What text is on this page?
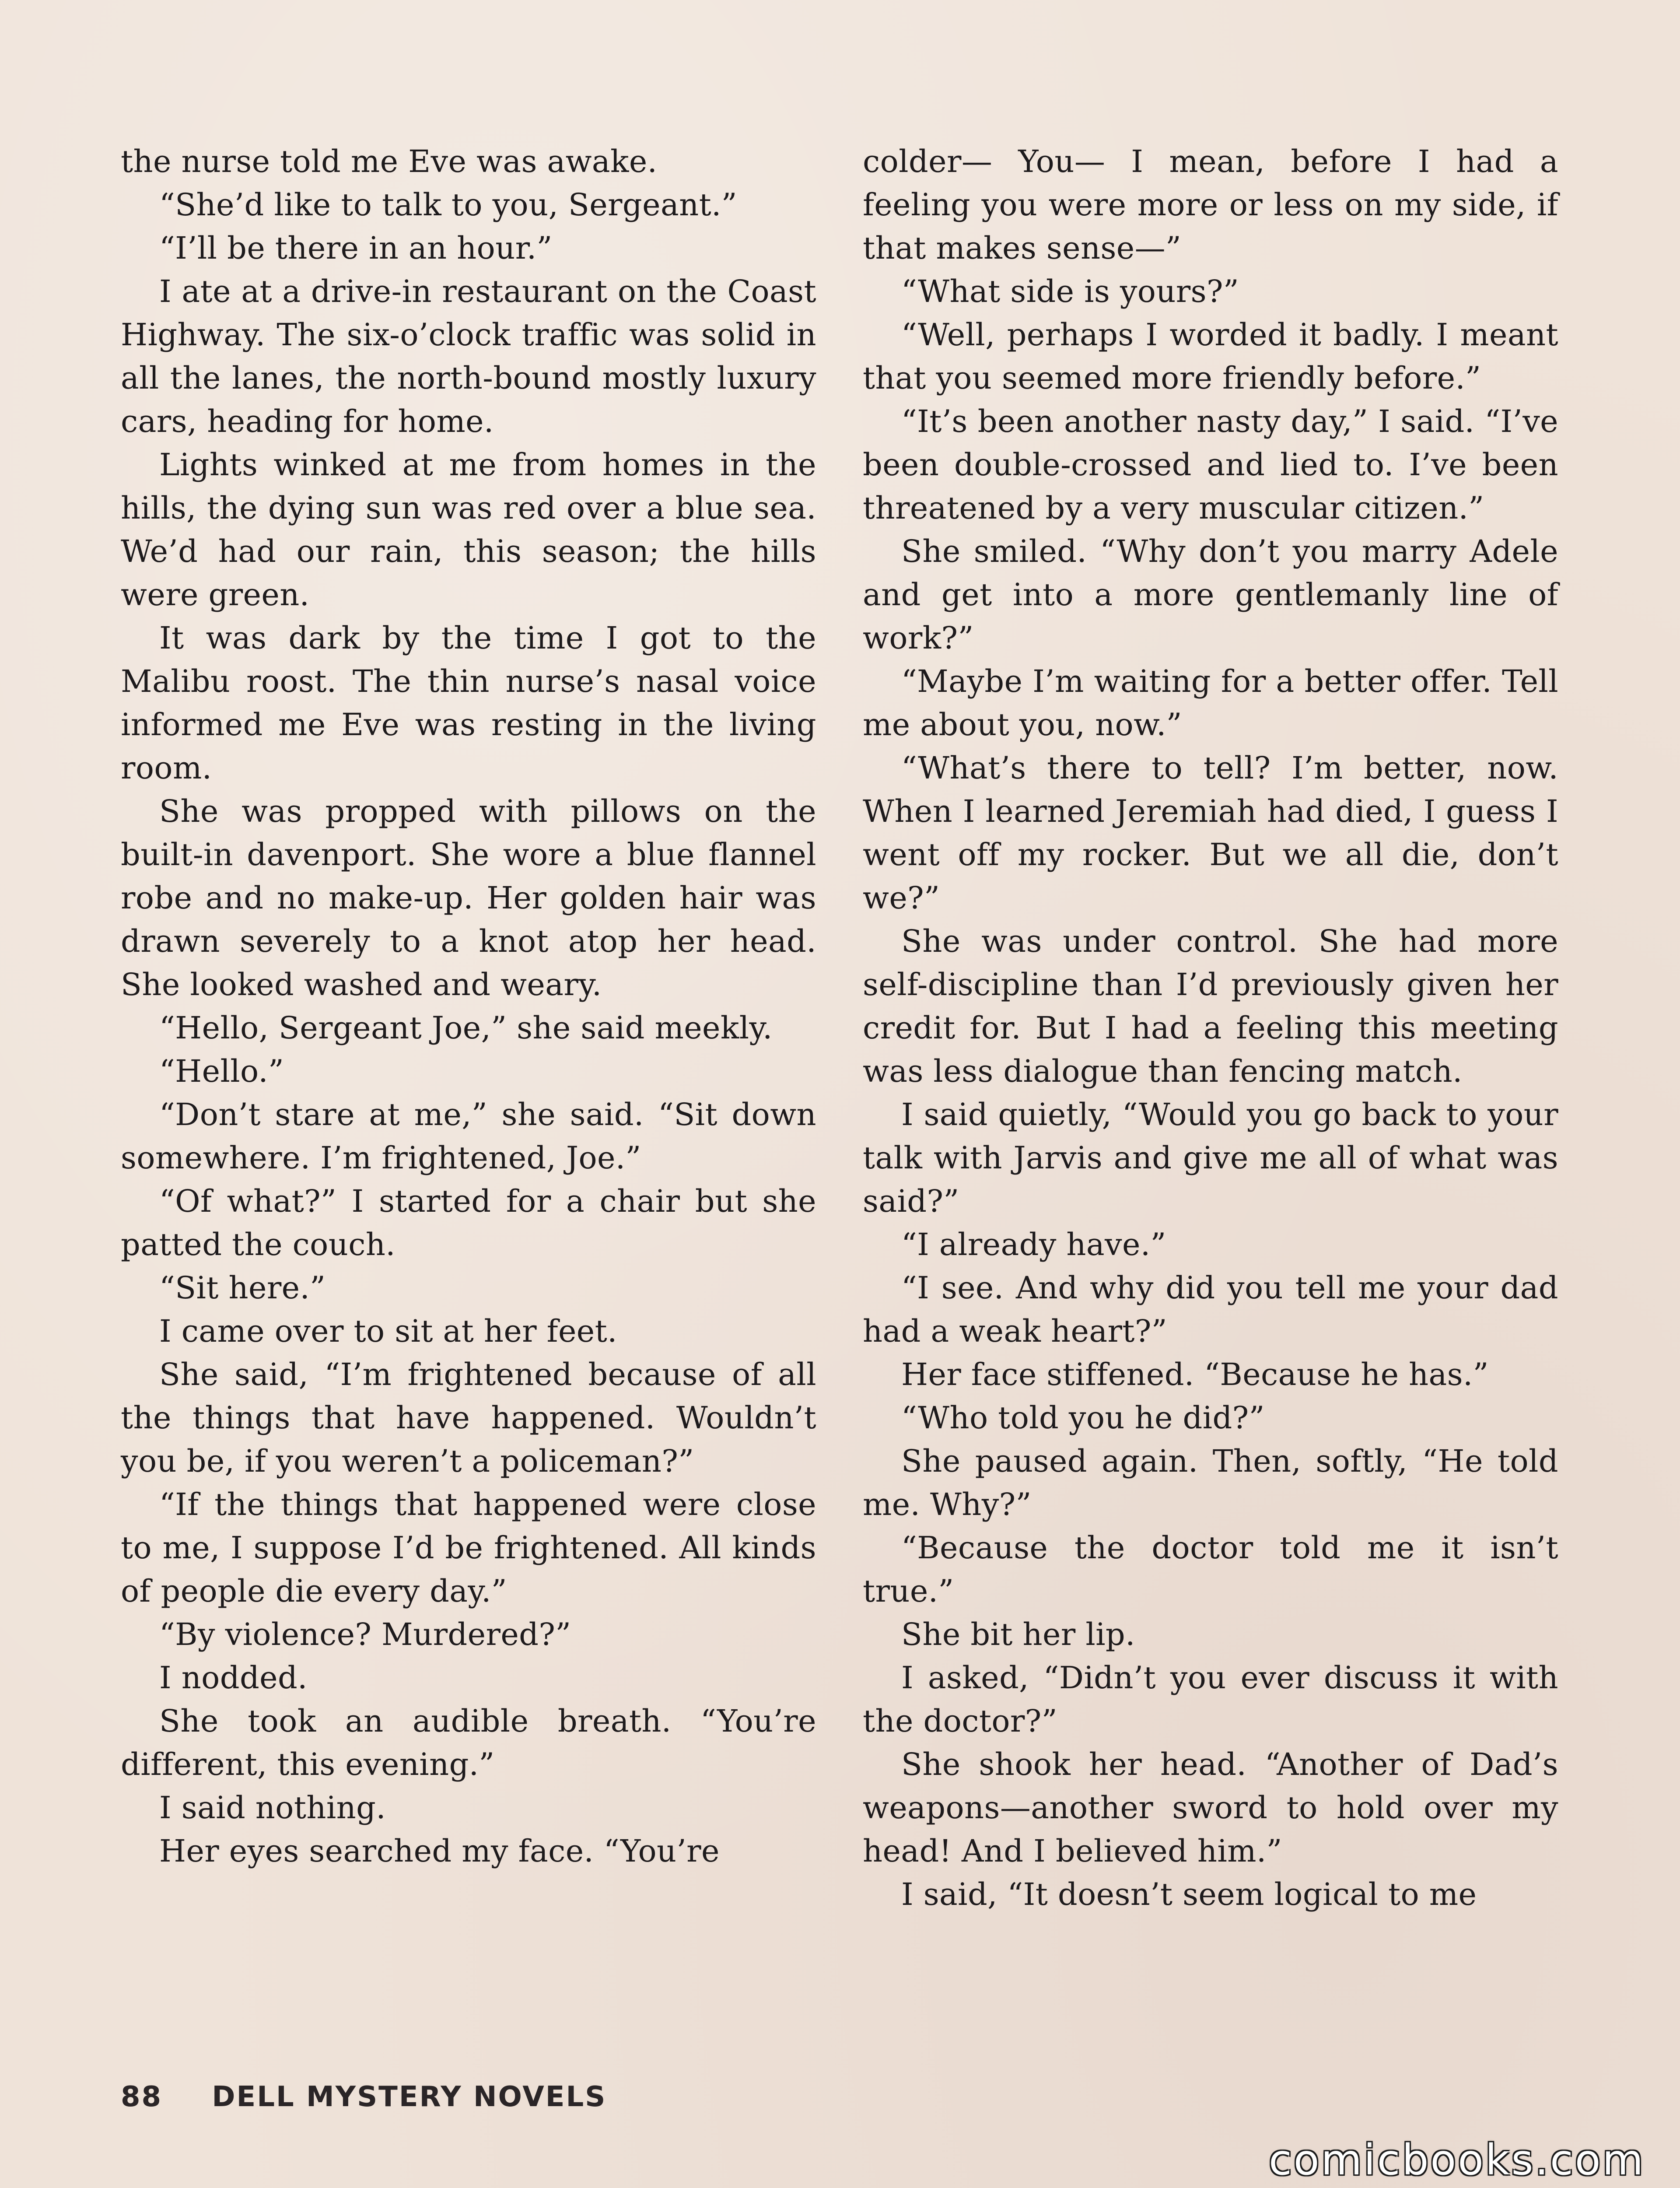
the nurse told me Eve was awake.

“She’d like to talk to you, Sergeant.”

“I’ll be there in an hour.”

I ate at a drive-in restaurant on the Coast Highway. The six-o’clock traffic was solid in all the lanes, the north-bound mostly luxury cars, heading for home.

Lights winked at me from homes in the hills, the dying sun was red over a blue sea. We’d had our rain, this season; the hills were green.

It was dark by the time I got to the Malibu roost. The thin nurse’s nasal voice informed me Eve was resting in the living room.

She was propped with pillows on the built-in davenport. She wore a blue flannel robe and no make-up. Her golden hair was drawn severely to a knot atop her head. She looked washed and weary.

“Hello, Sergeant Joe,” she said meekly.

“Hello.”

“Don’t stare at me,” she said. “Sit down somewhere. I’m frightened, Joe.”

“Of what?” I started for a chair but she patted the couch.

“Sit here.”

I came over to sit at her feet.

She said, “I’m frightened because of all the things that have happened. Wouldn’t you be, if you weren’t a policeman?”

“If the things that happened were close to me, I suppose I’d be frightened. All kinds of people die every day.”

“By violence? Murdered?”

I nodded.

She took an audible breath. “You’re different, this evening.”

I said nothing.

Her eyes searched my face. “You’re

colder— You— I mean, before I had a feeling you were more or less on my side, if that makes sense—”

“What side is yours?”

“Well, perhaps I worded it badly. I meant that you seemed more friendly before.”

“It’s been another nasty day,” I said. “I’ve been double-crossed and lied to. I’ve been threatened by a very muscular citizen.”

She smiled. “Why don’t you marry Adele and get into a more gentlemanly line of work?”

“Maybe I’m waiting for a better offer. Tell me about you, now.”

“What’s there to tell? I’m better, now. When I learned Jeremiah had died, I guess I went off my rocker. But we all die, don’t we?”

She was under control. She had more self-discipline than I’d previously given her credit for. But I had a feeling this meeting was less dialogue than fencing match.

I said quietly, “Would you go back to your talk with Jarvis and give me all of what was said?”

“I already have.”

“I see. And why did you tell me your dad had a weak heart?”

Her face stiffened. “Because he has.”

“Who told you he did?”

She paused again. Then, softly, “He told me. Why?”

“Because the doctor told me it isn’t true.”

She bit her lip.

I asked, “Didn’t you ever discuss it with the doctor?”

She shook her head. “Another of Dad’s weapons—another sword to hold over my head! And I believed him.”

I said, “It doesn’t seem logical to me

88 DELL MYSTERY NOVELS
comicbooks.com
